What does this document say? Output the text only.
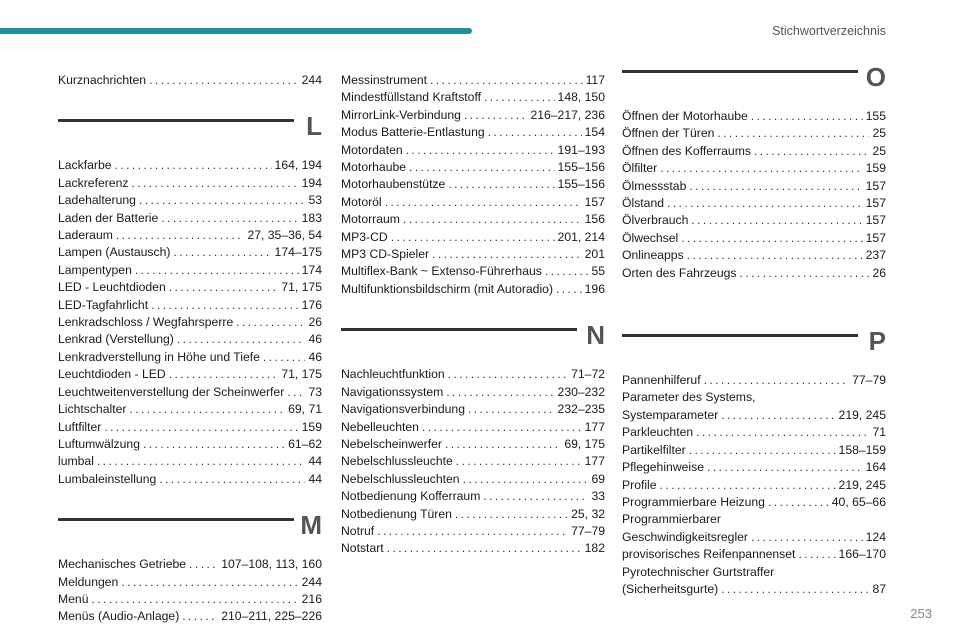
Stichwortverzeichnis
Kurznachrichten . . .	244
L
Lackfarbe . . .	164, 194
Lackreferenz . . .	194
Ladehalterung . . .	53
Laden der Batterie . . .	183
Laderaum . . .	27, 35–36, 54
Lampen (Austausch) . . .	174–175
Lampentypen . . .	174
LED - Leuchtdioden . . .	71, 175
LED-Tagfahrlicht . . .	176
Lenkradschloss / Wegfahrsperre . . .	26
Lenkrad (Verstellung) . . .	46
Lenkradverstellung in Höhe und Tiefe . . .	46
Leuchtdioden - LED . . .	71, 175
Leuchtweitenverstellung der Scheinwerfer . . . 73
Lichtschalter . . .	69, 71
Luftfilter . . .	159
Luftumwälzung . . .	61–62
lumbal . . .	44
Lumbaleinstellung . . .	44
M
Mechanisches Getriebe . . .	107–108, 113, 160
Meldungen . . .	244
Menü . . .	216
Menüs (Audio-Anlage) . . .	210–211, 225–226
Messinstrument . . .	117
Mindestfüllstand Kraftstoff . . .	148, 150
MirrorLink-Verbindung . . .	216–217, 236
Modus Batterie-Entlastung . . .	154
Motordaten . . .	191–193
Motorhaube . . .	155–156
Motorhaubenstütze . . .	155–156
Motoröl . . .	157
Motorraum . . .	156
MP3-CD . . .	201, 214
MP3 CD-Spieler . . .	201
Multiflex-Bank ~ Extenso-Führerhaus . . .	55
Multifunktionsbildschirm (mit Autoradio) . . .	196
N
Nachleuchtfunktion . . .	71–72
Navigationssystem . . .	230–232
Navigationsverbindung . . .	232–235
Nebelleuchten . . .	177
Nebelscheinwerfer . . .	69, 175
Nebelschlussleuchte . . .	177
Nebelschlussleuchten . . .	69
Notbedienung Kofferraum . . .	33
Notbedienung Türen . . .	25, 32
Notruf . . .	77–79
Notstart . . .	182
O
Öffnen der Motorhaube . . .	155
Öffnen der Türen . . .	25
Öffnen des Kofferraums . . .	25
Ölfilter . . .	159
Ölmessstab . . .	157
Ölstand . . .	157
Ölverbrauch . . .	157
Ölwechsel . . .	157
Onlineapps . . .	237
Orten des Fahrzeugs . . .	26
P
Pannenhilferuf . . .	77–79
Parameter des Systems,
Systemparameter . . .	219, 245
Parkleuchten . . .	71
Partikelfilter . . .	158–159
Pflegehinweise . . .	164
Profile . . .	219, 245
Programmierbare Heizung . . .	40, 65–66
Programmierbarer
Geschwindigkeitsregler . . .	124
provisorisches Reifenpannenset . . .	166–170
Pyrotechnischer Gurtstraffer
(Sicherheitsgurte) . . .	87
253
